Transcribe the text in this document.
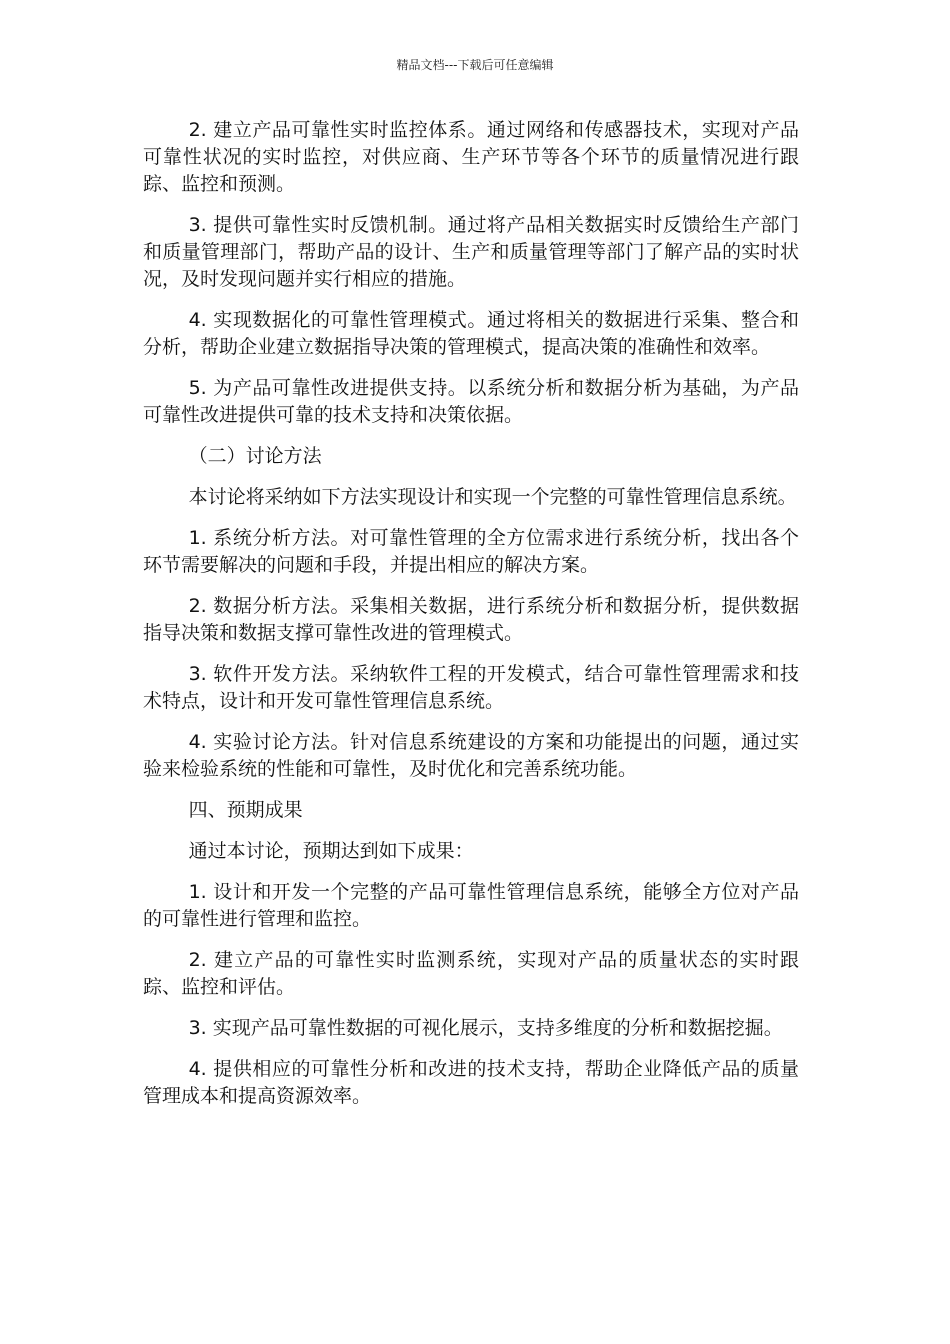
精品文档---下载后可任意编辑

2. 建立产品可靠性实时监控体系。通过网络和传感器技术，实现对产品可靠性状况的实时监控，对供应商、生产环节等各个环节的质量情况进行跟踪、监控和预测。

3. 提供可靠性实时反馈机制。通过将产品相关数据实时反馈给生产部门和质量管理部门，帮助产品的设计、生产和质量管理等部门了解产品的实时状况，及时发现问题并实行相应的措施。

4. 实现数据化的可靠性管理模式。通过将相关的数据进行采集、整合和分析，帮助企业建立数据指导决策的管理模式，提高决策的准确性和效率。

5. 为产品可靠性改进提供支持。以系统分析和数据分析为基础，为产品可靠性改进提供可靠的技术支持和决策依据。

（二）讨论方法

本讨论将采纳如下方法实现设计和实现一个完整的可靠性管理信息系统。

1. 系统分析方法。对可靠性管理的全方位需求进行系统分析，找出各个环节需要解决的问题和手段，并提出相应的解决方案。

2. 数据分析方法。采集相关数据，进行系统分析和数据分析，提供数据指导决策和数据支撑可靠性改进的管理模式。

3. 软件开发方法。采纳软件工程的开发模式，结合可靠性管理需求和技术特点，设计和开发可靠性管理信息系统。

4. 实验讨论方法。针对信息系统建设的方案和功能提出的问题，通过实验来检验系统的性能和可靠性，及时优化和完善系统功能。

四、预期成果

通过本讨论，预期达到如下成果：

1. 设计和开发一个完整的产品可靠性管理信息系统，能够全方位对产品的可靠性进行管理和监控。

2. 建立产品的可靠性实时监测系统，实现对产品的质量状态的实时跟踪、监控和评估。

3. 实现产品可靠性数据的可视化展示，支持多维度的分析和数据挖掘。

4. 提供相应的可靠性分析和改进的技术支持，帮助企业降低产品的质量管理成本和提高资源效率。
